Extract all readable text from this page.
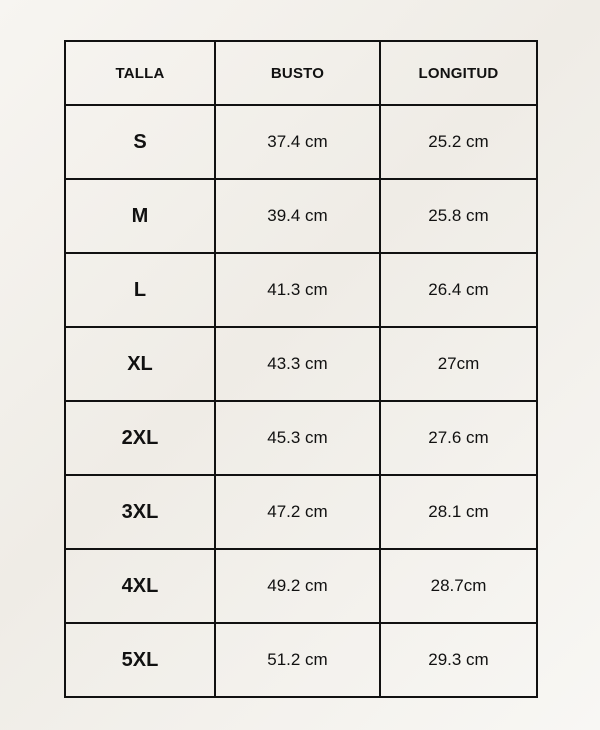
TALLA	BUSTO	LONGITUD
S	37.4 cm	25.2 cm
M	39.4 cm	25.8 cm
L	41.3 cm	26.4 cm
XL	43.3 cm	27cm
2XL	45.3 cm	27.6 cm
3XL	47.2 cm	28.1 cm
4XL	49.2 cm	28.7cm
5XL	51.2 cm	29.3 cm
